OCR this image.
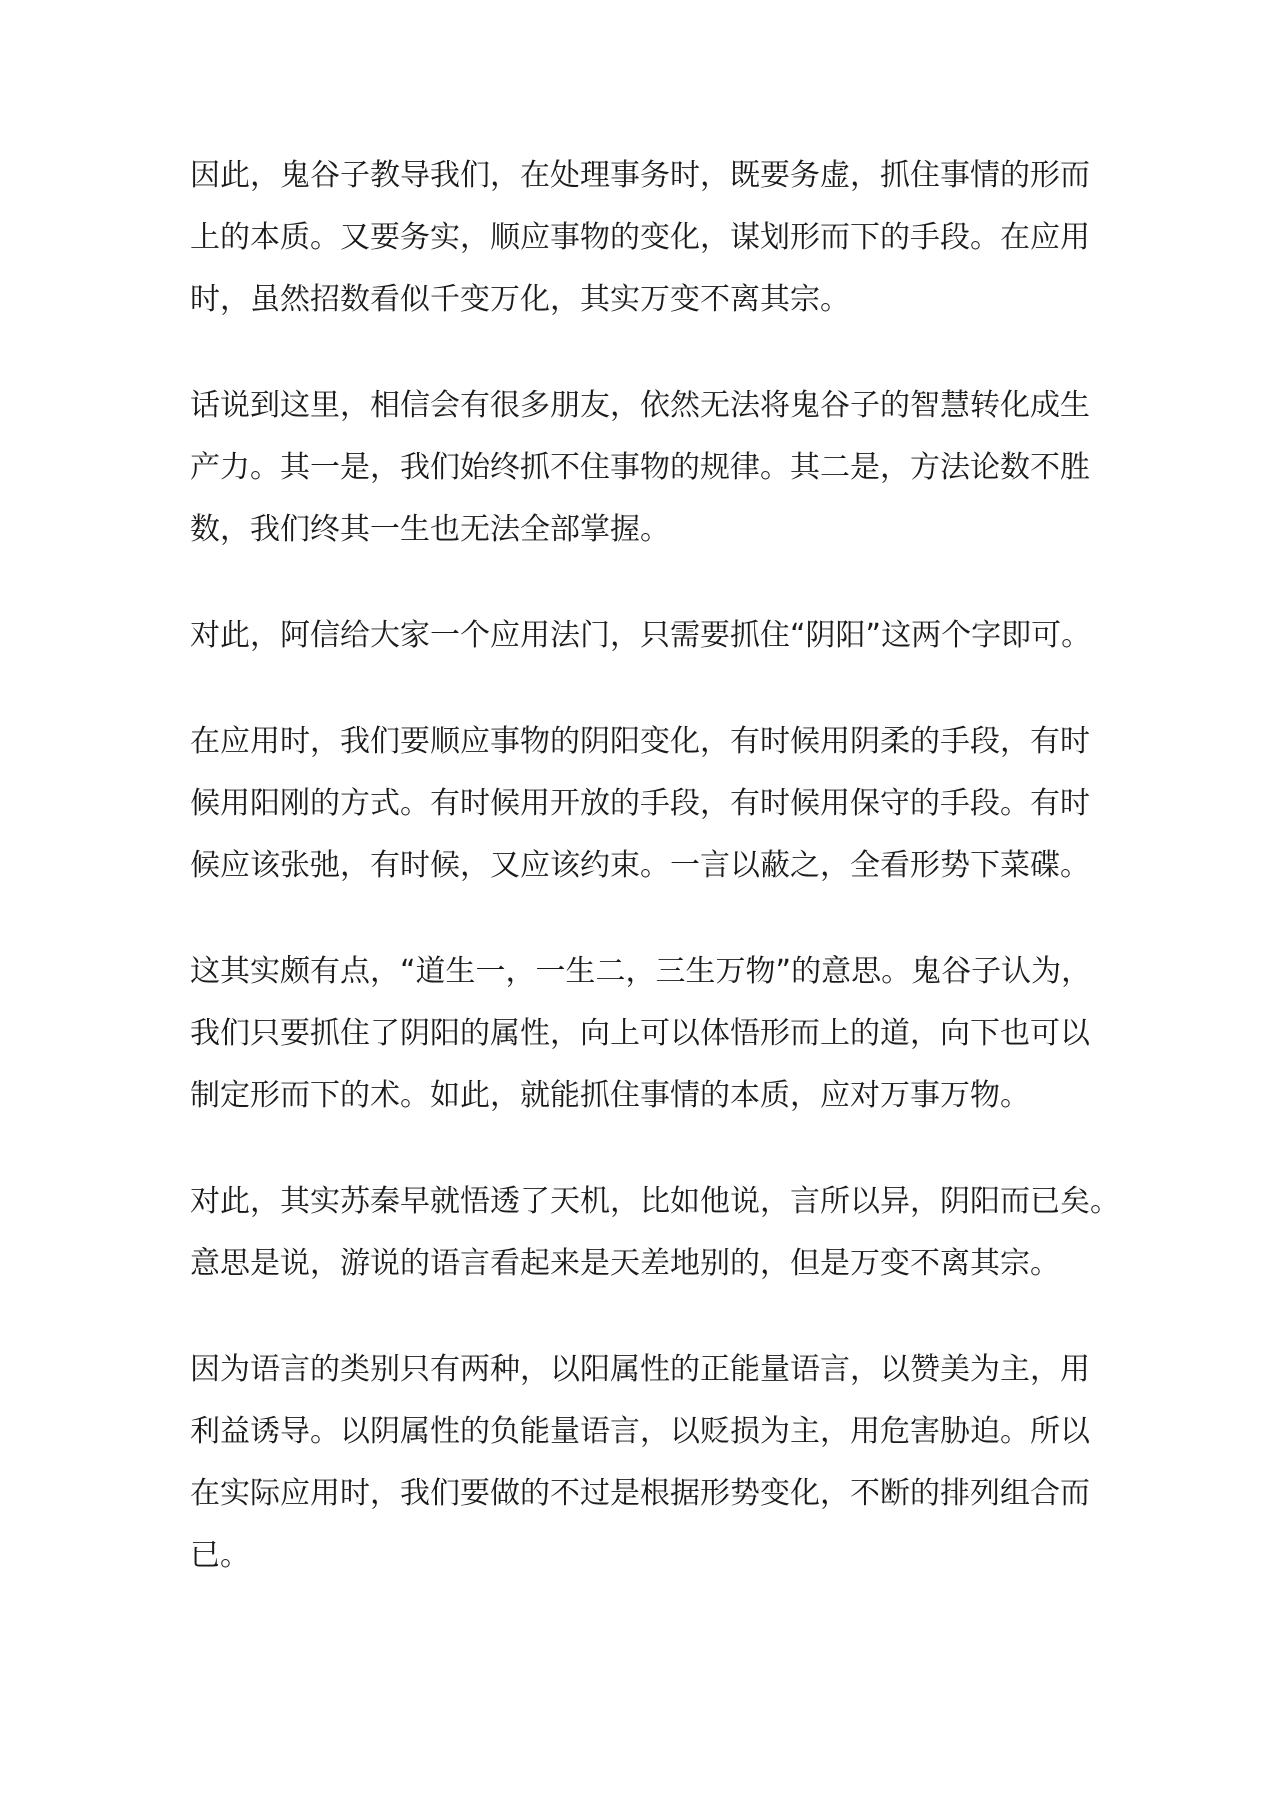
因此，鬼谷子教导我们，在处理事务时，既要务虚，抓住事情的形而
上的本质。又要务实，顺应事物的变化，谋划形而下的手段。在应用
时，虽然招数看似千变万化，其实万变不离其宗。

话说到这里，相信会有很多朋友，依然无法将鬼谷子的智慧转化成生
产力。其一是，我们始终抓不住事物的规律。其二是，方法论数不胜
数，我们终其一生也无法全部掌握。

对此，阿信给大家一个应用法门，只需要抓住“阴阳”这两个字即可。

在应用时，我们要顺应事物的阴阳变化，有时候用阴柔的手段，有时
候用阳刚的方式。有时候用开放的手段，有时候用保守的手段。有时
候应该张弛，有时候，又应该约束。一言以蔽之，全看形势下菜碟。

这其实颇有点，“道生一，一生二，三生万物”的意思。鬼谷子认为，
我们只要抓住了阴阳的属性，向上可以体悟形而上的道，向下也可以
制定形而下的术。如此，就能抓住事情的本质，应对万事万物。

对此，其实苏秦早就悟透了天机，比如他说，言所以异，阴阳而已矣。
意思是说，游说的语言看起来是天差地别的，但是万变不离其宗。

因为语言的类别只有两种，以阳属性的正能量语言，以赞美为主，用
利益诱导。以阴属性的负能量语言，以贬损为主，用危害胁迫。所以
在实际应用时，我们要做的不过是根据形势变化，不断的排列组合而
已。
